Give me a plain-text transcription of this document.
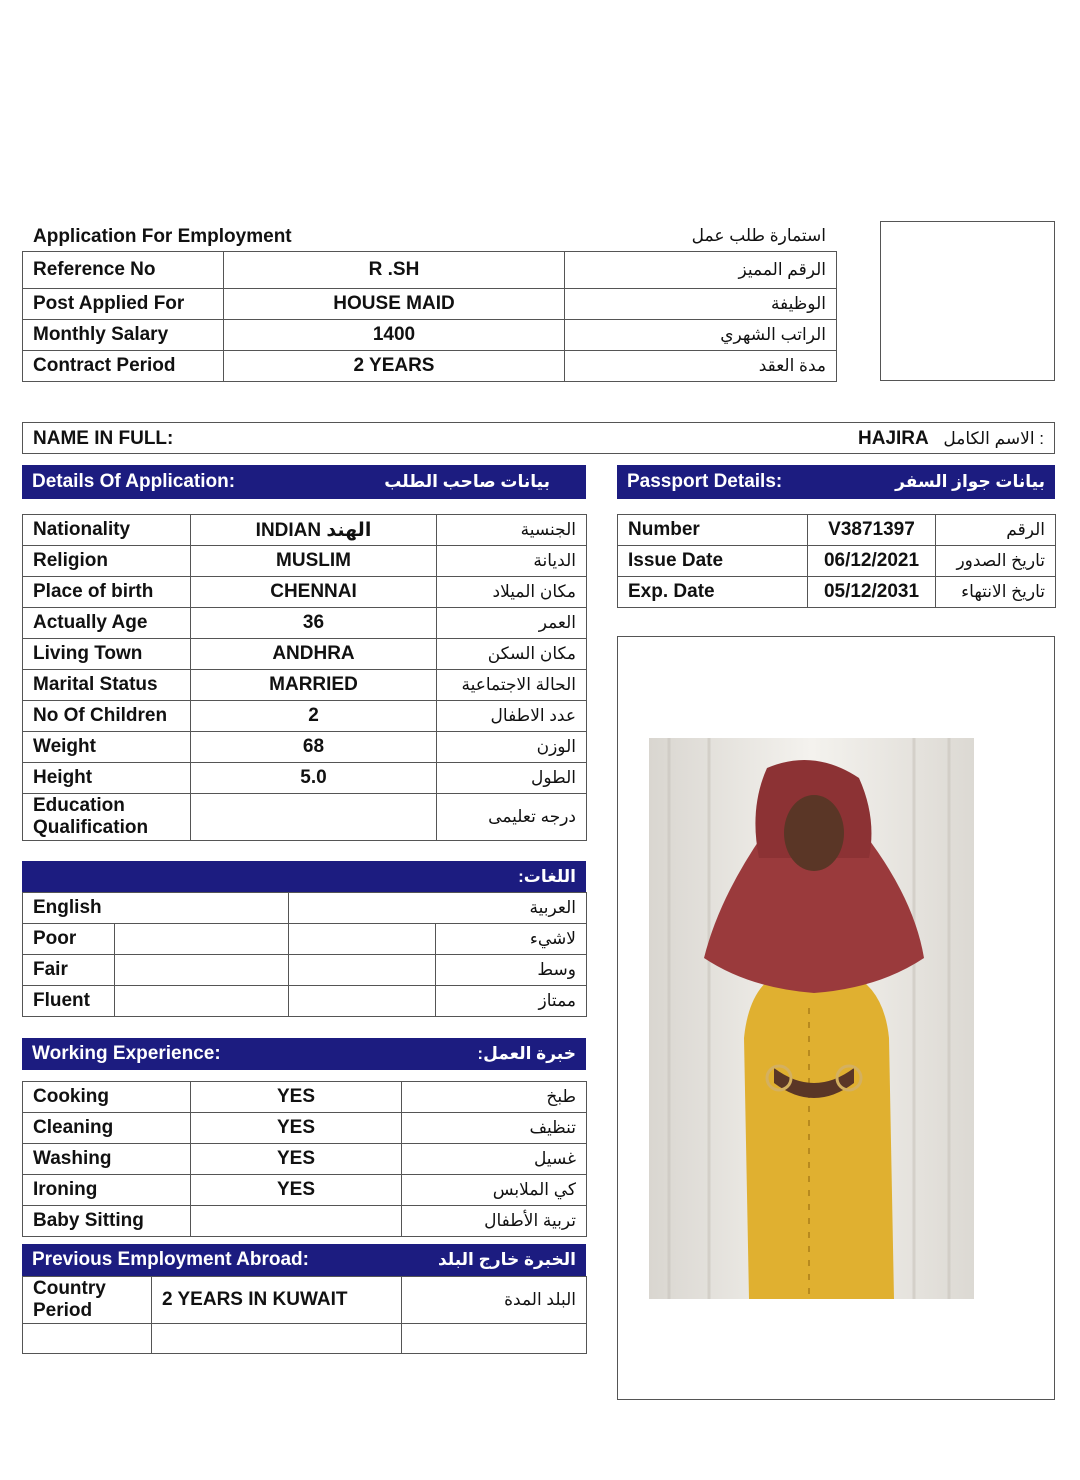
Application For Employment	استمارة طلب عمل
Reference No	R .SH	الرقم المميز
Post Applied For	HOUSE MAID	الوظيفة
Monthly Salary	1400	الراتب الشهري
Contract Period	2 YEARS	مدة العقد
NAME IN FULL:	HAJIRA : الاسم الكامل
Details Of Application:	بيانات صاحب الطلب	Passport Details:	بيانات جواز السفر
Nationality	INDIAN الهند	الجنسية
Religion	MUSLIM	الديانة
Place of birth	CHENNAI	مكان الميلاد
Actually Age	36	العمر
Living Town	ANDHRA	مكان السكن
Marital Status	MARRIED	الحالة الاجتماعية
No Of Children	2	عدد الاطفال
Weight	68	الوزن
Height	5.0	الطول

Education
Qualification		درجه تعليمى
Number	V3871397	الرقم
Issue Date	06/12/2021	تاريخ الصدور
Exp. Date	05/12/2031	تاريخ الانتهاء
اللغات:
English		العربية	
Poor			لاشيء
Fair			وسط
Fluent			ممتاز
Working Experience:	خبرة العمل:
Cooking	YES	طبخ
Cleaning	YES	تنظيف
Washing	YES	غسيل
Ironing	YES	كي الملابس
Baby Sitting		تربية الأطفال
Previous Employment Abroad:	الخبرة خارج البلد
Country
Period	2 YEARS IN KUWAIT	البلد المدة
